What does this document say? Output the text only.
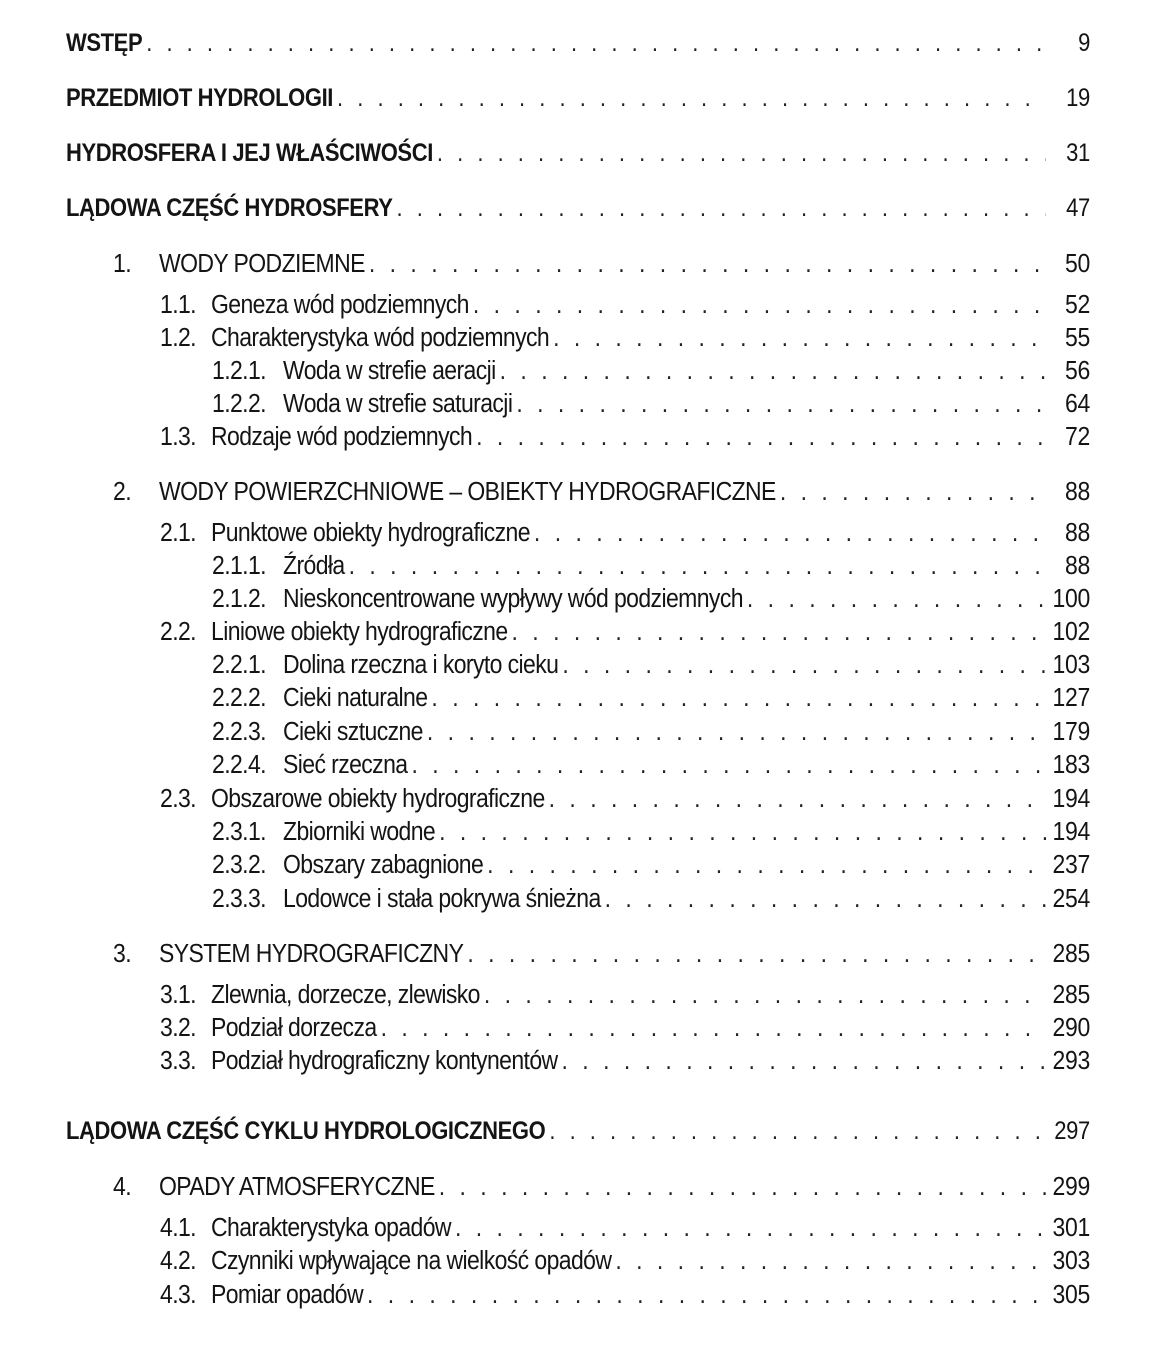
WSTĘP . . .	9
PRZEDMIOT HYDROLOGII . . .	19
HYDROSFERA I JEJ WŁAŚCIWOŚCI . . .	31
LĄDOWA CZĘŚĆ HYDROSFERY . . .	47
1.	WODY PODZIEMNE . . .	50
1.1. Geneza wód podziemnych . . .	52
1.2. Charakterystyka wód podziemnych . . .	55
1.2.1. Woda w strefie aeracji . . .	56
1.2.2. Woda w strefie saturacji . . .	64
1.3. Rodzaje wód podziemnych . . .	72
2.	WODY POWIERZCHNIOWE – OBIEKTY HYDROGRAFICZNE . . .	88
2.1. Punktowe obiekty hydrograficzne . . .	88
2.1.1. Źródła . . .	88
2.1.2. Nieskoncentrowane wypływy wód podziemnych . . .	100
2.2. Liniowe obiekty hydrograficzne . . .	102
2.2.1. Dolina rzeczna i koryto cieku . . .	103
2.2.2. Cieki naturalne . . .	127
2.2.3. Cieki sztuczne . . .	179
2.2.4. Sieć rzeczna . . .	183
2.3. Obszarowe obiekty hydrograficzne . . .	194
2.3.1. Zbiorniki wodne . . .	194
2.3.2. Obszary zabagnione . . .	237
2.3.3. Lodowce i stała pokrywa śnieżna . . .	254
3.	SYSTEM HYDROGRAFICZNY . . .	285
3.1. Zlewnia, dorzecze, zlewisko . . .	285
3.2. Podział dorzecza . . .	290
3.3. Podział hydrograficzny kontynentów . . .	293
LĄDOWA CZĘŚĆ CYKLU HYDROLOGICZNEGO . . .	297
4.	OPADY ATMOSFERYCZNE . . .	299
4.1. Charakterystyka opadów . . .	301
4.2. Czynniki wpływające na wielkość opadów . . .	303
4.3. Pomiar opadów . . .	305
